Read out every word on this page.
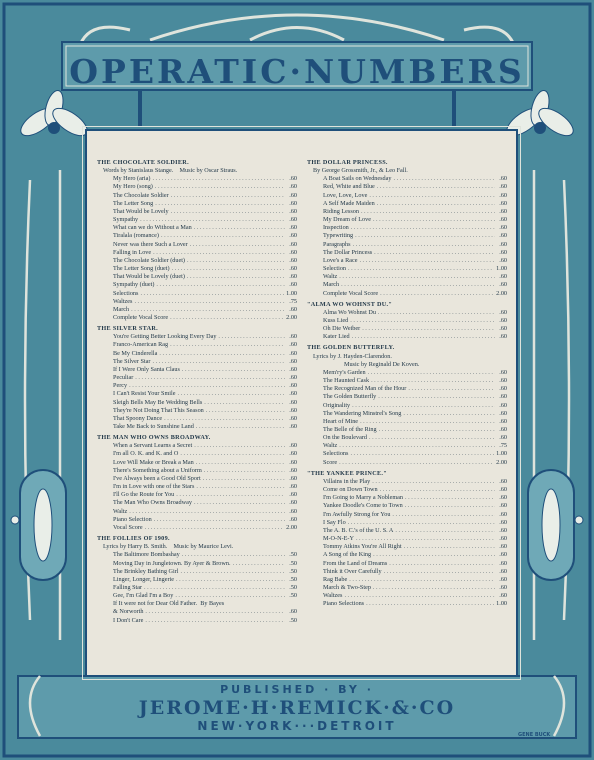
OPERATIC·NUMBERS
THE CHOCOLATE SOLDIER.
Words by Stanislaus Stange.    Music by Oscar Straus.
My Hero (aria) . . .	.60
My Hero (song) . . .	.60
The Chocolate Soldier . . .	.60
The Letter Song . . .	.60
That Would be Lovely . . .	.60
Sympathy . . .	.60
What can we do Without a Man . . .	.60
Tiralala (romance) . . .	.60
Never was there Such a Lover . . .	.60
Falling in Love . . .	.60
The Chocolate Soldier (duet) . . .	.60
The Letter Song (duet) . . .	.60
That Would be Lovely (duet) . . .	.60
Sympathy (duet) . . .	.60
Selections . . .	1.00
Waltzes . . .	.75
March . . .	.60
Complete Vocal Score . . .	2.00
THE SILVER STAR.
You're Getting Better Looking Every Day . . .	.60
Franco-American Rag . . .	.60
Be My Cinderella . . .	.60
The Silver Star . . .	.60
If I Were Only Santa Claus . . .	.60
Peculiar . . .	.60
Percy . . .	.60
I Can't Resist Your Smile . . .	.60
Sleigh Bells May Be Wedding Bells . . .	.60
They're Not Doing That This Season . . .	.60
That Spoony Dance . . .	.60
Take Me Back to Sunshine Land . . .	.60
THE MAN WHO OWNS BROADWAY.
When a Servant Learns a Secret . . .	.60
I'm all O. K. and K. and O . . .	.60
Love Will Make or Break a Man . . .	.60
There's Something about a Uniform . . .	.60
I've Always been a Good Old Sport . . .	.60
I'm in Love with one of the Stars . . .	.60
I'll Go the Route for You . . .	.60
The Man Who Owns Broadway . . .	.60
Waltz . . .	.60
Piano Selection . . .	.60
Vocal Score . . .	2.00
THE FOLLIES OF 1909.
Lyrics by Harry B. Smith.    Music by Maurice Levi.
The Baltimore Bombashay . . .	.50
Moving Day in Jungletown. By Ayer & Brown. . . .	.50
The Brinkley Bathing Girl . . .	.50
Linger, Longer, Lingerie . . .	.50
Falling Star . . .	.50
Gee, I'm Glad I'm a Boy . . .	.50
If It were not for Dear Old Father.  By Bayes
& Norworth . . .	.60
I Don't Care . . .	.50
THE DOLLAR PRINCESS.
By George Grossmith, Jr., & Leo Fall.
A Boat Sails on Wednesday . . .	.60
Red, White and Blue . . .	.60
Love, Love, Love . . .	.60
A Self Made Maiden . . .	.60
Riding Lesson . . .	.60
My Dream of Love . . .	.60
Inspection . . .	.60
Typewriting . . .	.60
Paragraphs . . .	.60
The Dollar Princess . . .	.60
Love's a Race . . .	.60
Selection . . .	1.00
Waltz . . .	.60
March . . .	.60
Complete Vocal Score . . .	2.00
"ALMA WO WOHNST DU."
Alma Wo Wohnst Du . . .	.60
Kuss Lied . . .	.60
Oh Die Weiber . . .	.60
Kater Lied . . .	.60
THE GOLDEN BUTTERFLY.
Lyrics by J. Hayden-Clarendon.
Music by Reginald De Koven.
Mem'ry's Garden . . .	.60
The Haunted Cask . . .	.60
The Recognized Man of the Hour . . .	.60
The Golden Butterfly . . .	.60
Originality . . .	.60
The Wandering Minstrel's Song . . .	.60
Heart of Mine . . .	.60
The Belle of the Ring . . .	.60
On the Boulevard . . .	.60
Waltz . . .	.75
Selections . . .	1.00
Score . . .	2.00
"THE YANKEE PRINCE."
Villains in the Play . . .	.60
Come on Down Town . . .	.60
I'm Going to Marry a Nobleman . . .	.60
Yankee Doodle's Come to Town . . .	.60
I'm Awfully Strong for You . . .	.60
I Say Flo . . .	.60
The A. B. C.'s of the U. S. A . . .	.60
M-O-N-E-Y . . .	.60
Tommy Atkins You're All Right . . .	.60
A Song of the King . . .	.60
From the Land of Dreams . . .	.60
Think it Over Carefully . . .	.60
Rag Babe . . .	.60
March & Two-Step . . .	.60
Waltzes . . .	.60
Piano Selections . . .	1.00
PUBLISHED · BY ·
JEROME·H·REMICK·&·CO
NEW·YORK···DETROIT
GENE BUCK
